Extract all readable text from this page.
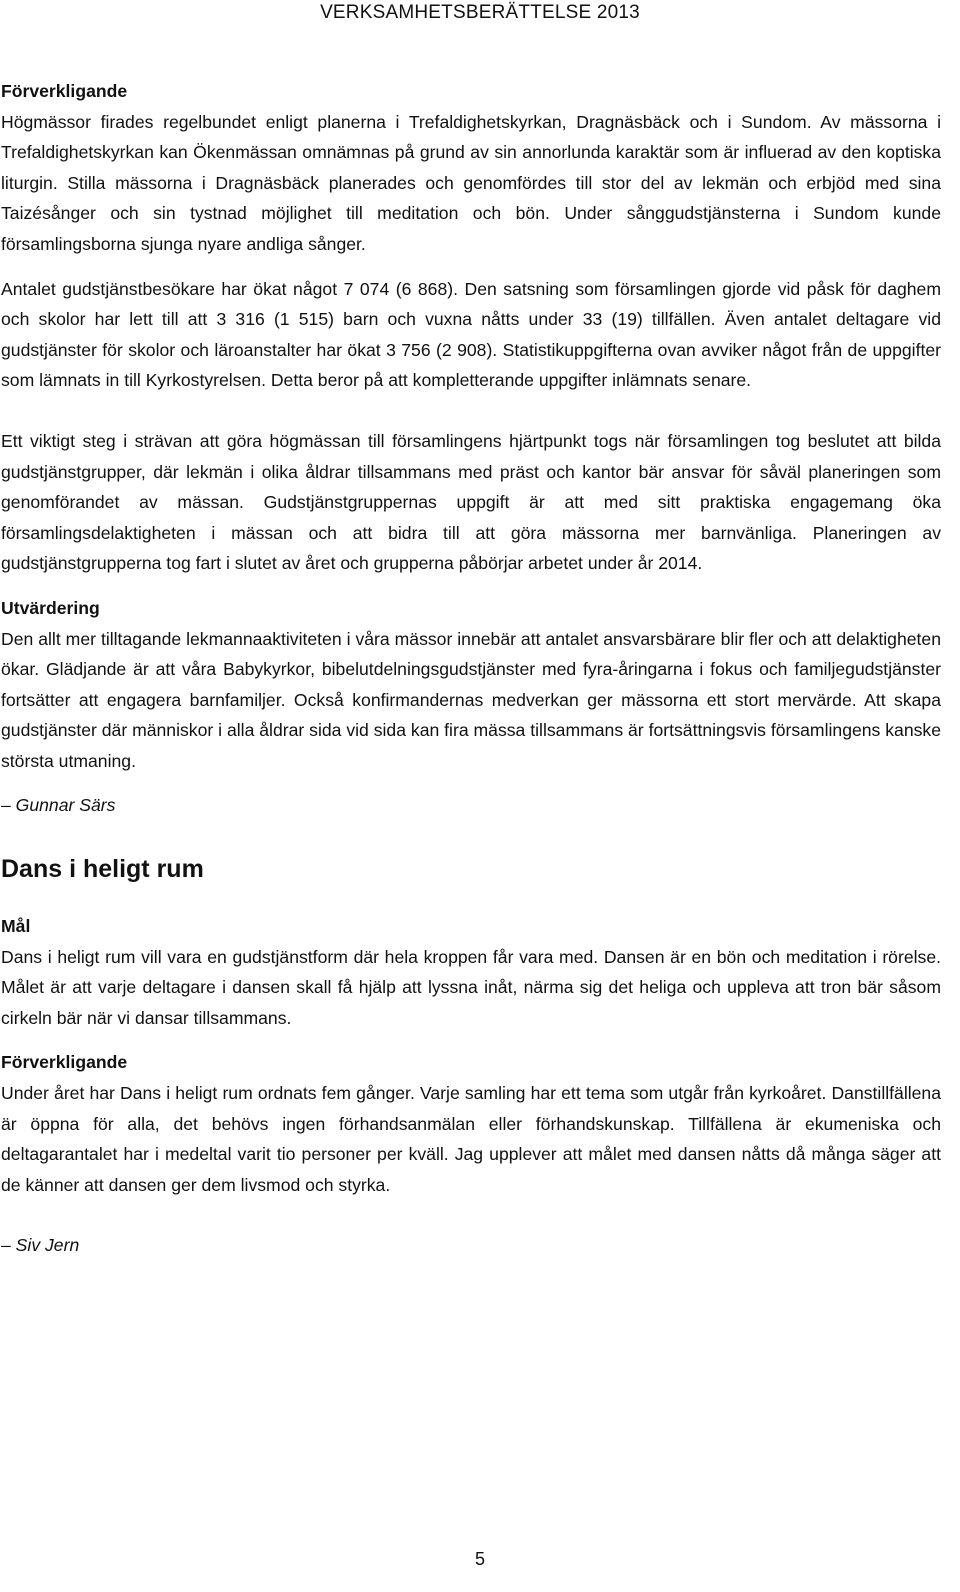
VERKSAMHETSBERÄTTELSE 2013
Förverkligande

Högmässor firades regelbundet enligt planerna i Trefaldighetskyrkan, Dragnäsbäck och i Sundom. Av mässorna i Trefaldighetskyrkan kan Ökenmässan omnämnas på grund av sin annorlunda karaktär som är influerad av den koptiska liturgin. Stilla mässorna i Dragnäsbäck planerades och genomfördes till stor del av lekmän och erbjöd med sina Taizésånger och sin tystnad möjlighet till meditation och bön. Under sånggudstjänsterna i Sundom kunde församlingsborna sjunga nyare andliga sånger.

Antalet gudstjänstbesökare har ökat något 7 074 (6 868). Den satsning som församlingen gjorde vid påsk för daghem och skolor har lett till att 3 316 (1 515) barn och vuxna nåtts under 33 (19) tillfällen. Även antalet deltagare vid gudstjänster för skolor och läroanstalter har ökat 3 756 (2 908). Statistikuppgifterna ovan avviker något från de uppgifter som lämnats in till Kyrkostyrelsen. Detta beror på att kompletterande uppgifter inlämnats senare.

Ett viktigt steg i strävan att göra högmässan till församlingens hjärtpunkt togs när församlingen tog beslutet att bilda gudstjänstgrupper, där lekmän i olika åldrar tillsammans med präst och kantor bär ansvar för såväl planeringen som genomförandet av mässan. Gudstjänstgruppernas uppgift är att med sitt praktiska engagemang öka församlingsdelaktigheten i mässan och att bidra till att göra mässorna mer barnvänliga. Planeringen av gudstjänstgrupperna tog fart i slutet av året och grupperna påbörjar arbetet under år 2014.

Utvärdering

Den allt mer tilltagande lekmannaaktiviteten i våra mässor innebär att antalet ansvarsbärare blir fler och att delaktigheten ökar. Glädjande är att våra Babykyrkor, bibelutdelningsgudstjänster med fyra-åringarna i fokus och familjegudstjänster fortsätter att engagera barnfamiljer. Också konfirmandernas medverkan ger mässorna ett stort mervärde. Att skapa gudstjänster där människor i alla åldrar sida vid sida kan fira mässa tillsammans är fortsättningsvis församlingens kanske största utmaning.

– Gunnar Särs

Dans i heligt rum
Mål

Dans i heligt rum vill vara en gudstjänstform där hela kroppen får vara med. Dansen är en bön och meditation i rörelse. Målet är att varje deltagare i dansen skall få hjälp att lyssna inåt, närma sig det heliga och uppleva att tron bär såsom cirkeln bär när vi dansar tillsammans.

Förverkligande

Under året har Dans i heligt rum ordnats fem gånger. Varje samling har ett tema som utgår från kyrkoåret. Danstillfällena är öppna för alla, det behövs ingen förhandsanmälan eller förhandskunskap. Tillfällena är ekumeniska och deltagarantalet har i medeltal varit tio personer per kväll. Jag upplever att målet med dansen nåtts då många säger att de känner att dansen ger dem livsmod och styrka.

– Siv Jern

5
